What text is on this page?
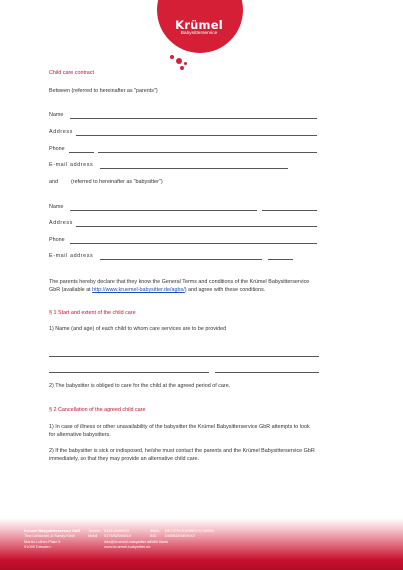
Krümel
Babysitterservice
Child care contract
Between (referred to hereinafter as "parents")
Name
Address
Phone
E-mail address
and (referred to hereinafter as "babysitter")
Name
Address
Phone
E-mail address
The parents hereby declare that they know the General Terms and conditions of the Krümel Babysitterservice
GbR (available at http://www.kruemel-babysitter.de/agbs/) and agree with these conditions.
§ 1 Start and extent of the child care
1) Name (and age) of each child to whom care services are to be provided
2) The babysitter is obliged to care for the child at the agreed period of care.
§ 2 Cancellation of the agreed child care
1) In case of illness or other unavailability of the babysitter the Krümel Babysitterservice GbR attempts to look
for alternative babysitters.
2) If the babysitter is sick or indisposed, he/she must contact the parents and the Krümel Babysitterservice GbR
immediately, so that they may provide an alternative child care.
Krümel Babysitterservice GbR
Tina Liebscher & Sandy Klein
Martin-Luther-Platz 9
01099 Dresden
Telefon
Mobil
0351/2088923
0176/62098419
info@kruemel-babysitter.de
www.kruemel-babysitter.de
IBAN:
BIC:
DAB Bank
DE73701204008379745006
DABBDEMMXXX
